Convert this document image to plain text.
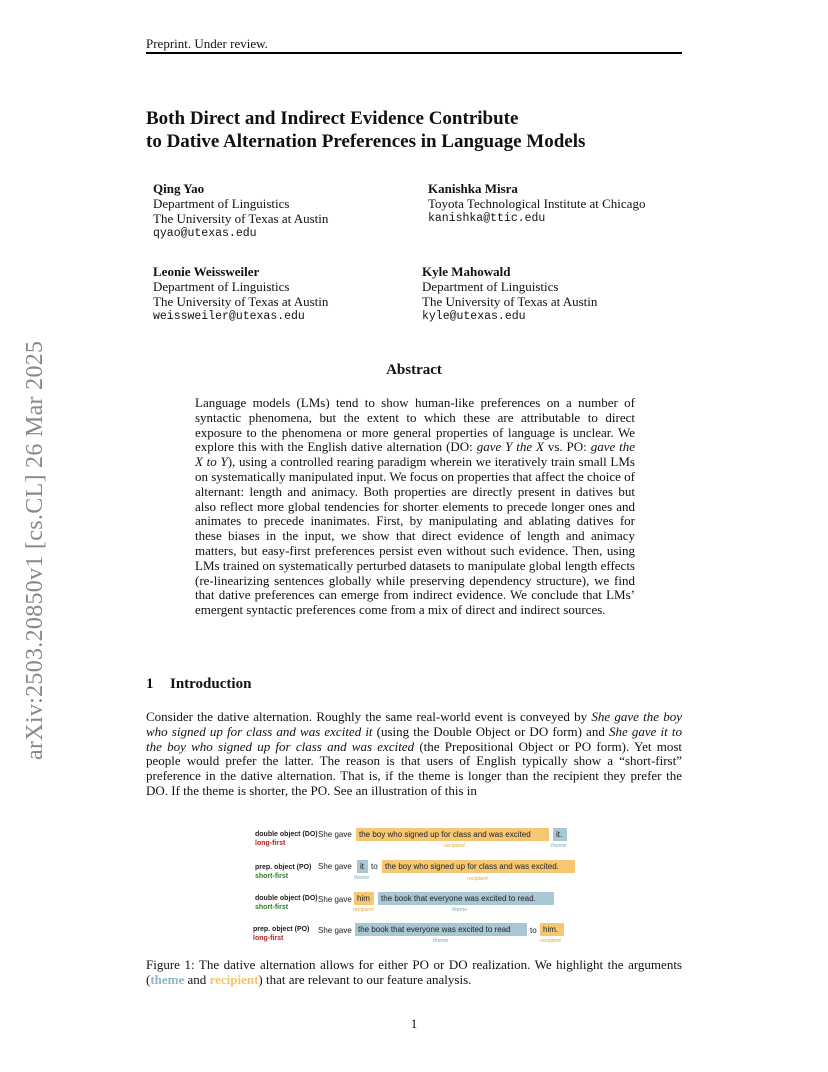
Preprint. Under review.
Both Direct and Indirect Evidence Contribute
to Dative Alternation Preferences in Language Models
Qing Yao
Department of Linguistics
The University of Texas at Austin
qyao@utexas.edu
Kanishka Misra
Toyota Technological Institute at Chicago
kanishka@ttic.edu
Leonie Weissweiler
Department of Linguistics
The University of Texas at Austin
weissweiler@utexas.edu
Kyle Mahowald
Department of Linguistics
The University of Texas at Austin
kyle@utexas.edu
Abstract
Language models (LMs) tend to show human-like preferences on a number of syntactic phenomena, but the extent to which these are attributable to direct exposure to the phenomena or more general properties of language is unclear. We explore this with the English dative alternation (DO: gave Y the X vs. PO: gave the X to Y), using a controlled rearing paradigm wherein we iteratively train small LMs on systematically manipulated input. We focus on properties that affect the choice of alternant: length and animacy. Both properties are directly present in datives but also reflect more global tendencies for shorter elements to precede longer ones and animates to precede inanimates. First, by manipulating and ablating datives for these biases in the input, we show that direct evidence of length and animacy matters, but easy-first preferences persist even without such evidence. Then, using LMs trained on systematically perturbed datasets to manipulate global length effects (re-linearizing sentences globally while preserving dependency structure), we find that dative preferences can emerge from indirect evidence. We conclude that LMs’ emergent syntactic preferences come from a mix of direct and indirect sources.
1 Introduction
Consider the dative alternation. Roughly the same real-world event is conveyed by She gave the boy who signed up for class and was excited it (using the Double Object or DO form) and She gave it to the boy who signed up for class and was excited (the Prepositional Object or PO form). Yet most people would prefer the latter. The reason is that users of English typically show a “short-first” preference in the dative alternation. That is, if the theme is longer than the recipient they prefer the DO. If the theme is shorter, the PO. See an illustration of this in
arXiv:2503.20850v1 [cs.CL] 26 Mar 2025
double object (DO)
long-first
She gave the boy who signed up for class and was excited
recipient
it.
theme
prep. object (PO)
short-first
She gave	it
theme
to the boy who signed up for class and was excited.
recipient
double object (DO)
short-first
She gave him
recipient
the book that everyone was excited to read.
theme
prep. object (PO)
long-first
She gave the book that everyone was excited to read
theme
to him.
recipient
Figure 1: The dative alternation allows for either PO or DO realization. We highlight the arguments (theme and recipient) that are relevant to our feature analysis.
1
